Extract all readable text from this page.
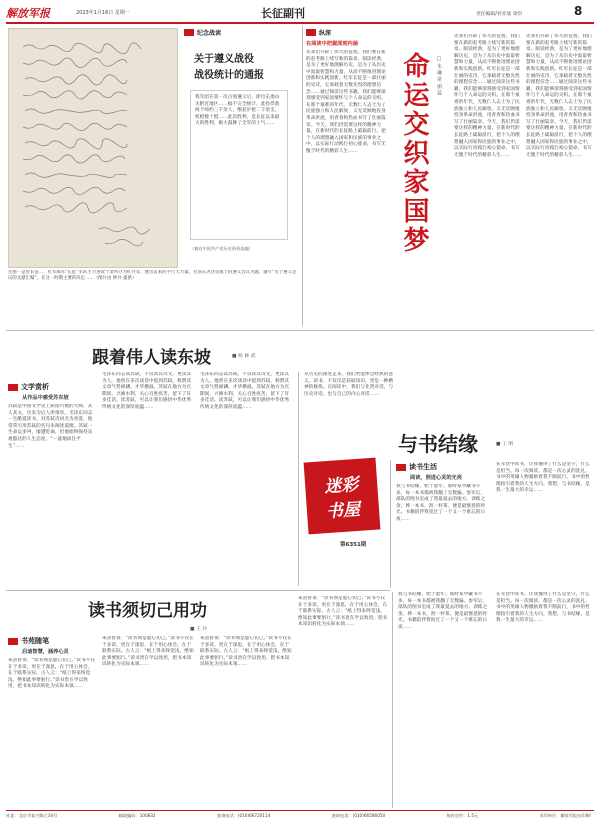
解放军报	2023年1月16日 星期一	长征副刊	责任编辑/刘亚迪 梁崇	8
纪念战读
关于遵义战役
战役统计的通报
我军团在第一次占领遵义后，即出击娄山关附近地区……据不完全统计，此役俘敌两个师约三千余人，缴获步枪二千余支，机枪数十挺……此次胜利，是长征以来最大的胜利，极大鼓舞了全军的士气……
（摘自中国共产党历史资料选编）
左图一是曾长征二、红军战军“长征”军队主力进攻十余所分为红兵等，展出去来的平行大力量。毛泽东为这里战士的遵义会议为题，题写“关于遵义会议的文献汇编”，在这一时期主要的决定……（图片由 钟兵 提供）
纵深
在阅读中把握深刻内涵
先辈们开辟了伟大的征程，我们要在新的赶考路上续写新的篇章。阅读经典，是为了更好地理解历史，是为了从历史中汲取智慧和力量，从而不断推进理论创新和实践创新。红军长征是一部壮丽的史诗，它承载着无数先烈的理想信念……通过阅读这些书籍，我们能够深刻感受到家国情怀与个人命运的交织。在那个艰难的年代，无数仁人志士为了民族独立和人民解放，义无反顾地投身革命洪流，用青春和热血书写了壮丽篇章。今天，我们仍需要这样的精神力量，在新时代的长征路上砥砺前行，把个人的理想融入国家和民族的事业之中，以实际行动践行初心使命，书写无愧于时代的精彩人生……	命运交织家国梦	□ 朱 琳 常 丽 蕊
先辈们开辟了伟大的征程，我们要在新的赶考路上续写新的篇章。阅读经典，是为了更好地理解历史，是为了从历史中汲取智慧和力量，从而不断推进理论创新和实践创新。红军长征是一部壮丽的史诗，它承载着无数先烈的理想信念……通过阅读这些书籍，我们能够深刻感受到家国情怀与个人命运的交织。在那个艰难的年代，无数仁人志士为了民族独立和人民解放，义无反顾地投身革命洪流，用青春和热血书写了壮丽篇章。今天，我们仍需要这样的精神力量，在新时代的长征路上砥砺前行，把个人的理想融入国家和民族的事业之中，以实际行动践行初心使命，书写无愧于时代的精彩人生……
先辈们开辟了伟大的征程，我们要在新的赶考路上续写新的篇章。阅读经典，是为了更好地理解历史，是为了从历史中汲取智慧和力量，从而不断推进理论创新和实践创新。红军长征是一部壮丽的史诗，它承载着无数先烈的理想信念……通过阅读这些书籍，我们能够深刻感受到家国情怀与个人命运的交织。在那个艰难的年代，无数仁人志士为了民族独立和人民解放，义无反顾地投身革命洪流，用青春和热血书写了壮丽篇章。今天，我们仍需要这样的精神力量，在新时代的长征路上砥砺前行，把个人的理想融入国家和民族的事业之中，以实际行动践行初心使命，书写无愧于时代的精彩人生……
跟着伟人读东坡	■ 杨 修 武
与书结缘	■ 丁 明
文学赏析
从作品中感受苏东坡
苏轼是中国文学史上屈指可数的大师，其人其文，历来为后人所推崇。毛泽东同志一生酷爱读书，对苏轼诗词尤为喜爱，他常常引用苏轼的名句来阐述道理。苏轼一生命运多舛，屡遭贬谪，但他始终保持乐观豁达的人生态度，“一蓑烟雨任平生”……
毛泽东同志读苏轼，不仅读其诗文，更读其为人。他曾在多次谈话中提到苏轼，称赞其文章气势磅礴、才华横溢。苏轼在地方为官期间，兴修水利，关心百姓疾苦，留下了许多佳话。读苏轼，可以让我们感悟中华优秀传统文化的深厚底蕴……
毛泽东同志读苏轼，不仅读其诗文，更读其为人。他曾在多次谈话中提到苏轼，称赞其文章气势磅礴、才华横溢。苏轼在地方为官期间，兴修水利，关心百姓疾苦，留下了许多佳话。读苏轼，可以让我们感悟中华优秀传统文化的深厚底蕴……
从历史的深处走来，我们更能体会经典的意义。读书，不仅仅是获取知识，更是一种精神的修炼。在阅读中，我们与先贤对话，与历史对话，也与自己的内心对话……
迷彩
书屋
第6351期
读书生活
阅读，照进心灵的光亮
我与书结缘，始于童年。那时家中藏书不多，每一本书都被我翻了无数遍。参军后，部队的图书室成了我最爱去的地方。训练之余，捧一本书，沏一杯茶，便是最惬意的时光。书籍陪伴我度过了一个又一个难忘的日夜……
在军营中读书，让我懂得了什么是坚守，什么是担当。每一次阅读，都是一次心灵的洗礼。书中的英雄人物激励着我不断前行，书中的哲理指引着我的人生方向。我想，与书结缘，是我一生最大的幸运……
读书须切己用功
■ 王 玲
书苑随笔
启迪智慧，涵养心灵
朱熹曾说：“读书须是虚心切己。”读书不仅在于多读，更在于深思，在于用心体会，在于联系实际。古人云：“纸上得来终觉浅，绝知此事要躬行。”读书贵在学以致用，把书本知识转化为实际本领……
朱熹曾说：“读书须是虚心切己。”读书不仅在于多读，更在于深思，在于用心体会，在于联系实际。古人云：“纸上得来终觉浅，绝知此事要躬行。”读书贵在学以致用，把书本知识转化为实际本领……
朱熹曾说：“读书须是虚心切己。”读书不仅在于多读，更在于深思，在于用心体会，在于联系实际。古人云：“纸上得来终觉浅，绝知此事要躬行。”读书贵在学以致用，把书本知识转化为实际本领……
朱熹曾说：“读书须是虚心切己。”读书不仅在于多读，更在于深思，在于用心体会，在于联系实际。古人云：“纸上得来终觉浅，绝知此事要躬行。”读书贵在学以致用，把书本知识转化为实际本领……
我与书结缘，始于童年。那时家中藏书不多，每一本书都被我翻了无数遍。参军后，部队的图书室成了我最爱去的地方。训练之余，捧一本书，沏一杯茶，便是最惬意的时光。书籍陪伴我度过了一个又一个难忘的日夜……
在军营中读书，让我懂得了什么是坚守，什么是担当。每一次阅读，都是一次心灵的洗礼。书中的英雄人物激励着我不断前行，书中的哲理指引着我的人生方向。我想，与书结缘，是我一生最大的幸运……
社址：北京市复兴路乙34号	邮政编码：100832	查询电话：(010)66720114	查询电话：(010)66586050	每份定价：1.5元	承印单位：解放军报社印刷厂
